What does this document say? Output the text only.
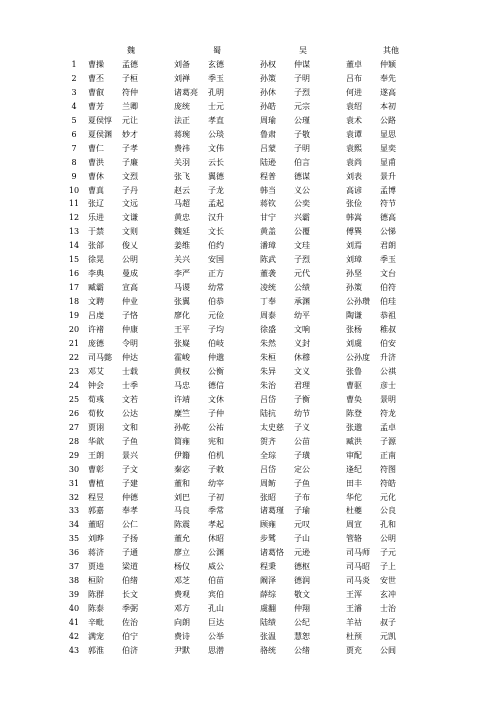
	魏		蜀		吴		其他	
1	曹操	孟德	刘备	玄德	孙权	仲谋	董卓	仲颖
2	曹丕	子桓	刘禅	季玉	孙策	子明	吕布	奉先
3	曹叡	符仲	诸葛亮	孔明	孙休	子烈	何进	遂高
4	曹芳	兰卿	庞统	士元	孙皓	元宗	袁绍	本初
5	夏侯惇	元让	法正	孝直	周瑜	公瑾	袁术	公路
6	夏侯渊	妙才	蒋琬	公琰	鲁肃	子敬	袁谭	显思
7	曹仁	子孝	费祎	文伟	吕蒙	子明	袁熙	显奕
8	曹洪	子廉	关羽	云长	陆逊	伯言	袁尚	显甫
9	曹休	文烈	张飞	翼德	程普	德谋	刘表	景升
10	曹真	子丹	赵云	子龙	韩当	义公	高谚	孟博
11	张辽	文远	马超	孟起	蒋钦	公奕	张俭	符节
12	乐进	文谦	黄忠	汉升	甘宁	兴霸	韩嵩	德高
13	于禁	文则	魏延	文长	黄盖	公覆	傅巽	公悌
14	张郃	俊乂	姜维	伯约	潘璋	文珪	刘焉	君朗
15	徐晃	公明	关兴	安国	陈武	子烈	刘璋	季玉
16	李典	曼成	李严	正方	董袭	元代	孙坚	文台
17	臧霸	宣高	马谡	幼常	凌统	公绩	孙策	伯符
18	文聘	仲业	张翼	伯恭	丁奉	承渊	公孙瓒	伯珪
19	吕虔	子恪	廖化	元俭	周泰	幼平	陶谦	恭祖
20	许褚	仲康	王平	子均	徐盛	文响	张杨	稚叔
21	庞德	令明	张嶷	伯岐	朱然	义封	刘虞	伯安
22	司马懿	仲达	霍峻	仲邈	朱桓	休穆	公孙度	升济
23	邓艾	士载	黄权	公衡	朱异	文义	张鲁	公祺
24	钟会	士季	马忠	德信	朱治	君理	曹驱	彦士
25	荀彧	文若	许靖	文休	吕岱	子衡	曹奂	景明
26	荀攸	公达	糜竺	子仲	陆抗	幼节	陈登	符龙
27	贾诩	文和	孙乾	公祐	太史慈	子义	张邈	孟卓
28	华歆	子鱼	简雍	宪和	贺齐	公苗	臧洪	子源
29	王朗	景兴	伊籍	伯机	全琮	子璜	审配	正南
30	曹彰	子文	秦宓	子敕	吕岱	定公	逢纪	符图
31	曹植	子建	董和	幼宰	周鲂	子鱼	田丰	符皓
32	程昱	仲德	刘巴	子初	张昭	子布	华佗	元化
33	郭嘉	奉孝	马良	季常	诸葛瑾	子瑜	杜夔	公良
34	董昭	公仁	陈震	孝起	顾雍	元叹	周宣	孔和
35	刘晔	子扬	董允	休昭	步骘	子山	管辂	公明
36	蒋济	子通	廖立	公渊	诸葛恪	元逊	司马师	子元
37	贾逵	梁道	杨仪	威公	程秉	德枢	司马昭	子上
38	桓阶	伯绪	邓芝	伯苗	阚泽	德润	司马炎	安世
39	陈群	长文	费观	宾伯	薛综	敬文	王浑	玄冲
40	陈泰	季弼	邓方	孔山	虞翻	仲翔	王濬	士治
41	辛毗	佐治	向朗	巨达	陆绩	公纪	羊祜	叔子
42	满宠	伯宁	费诗	公举	张温	慧恕	杜预	元凯
43	郭淮	伯济	尹默	思潜	骆统	公绪	贾充	公闾
